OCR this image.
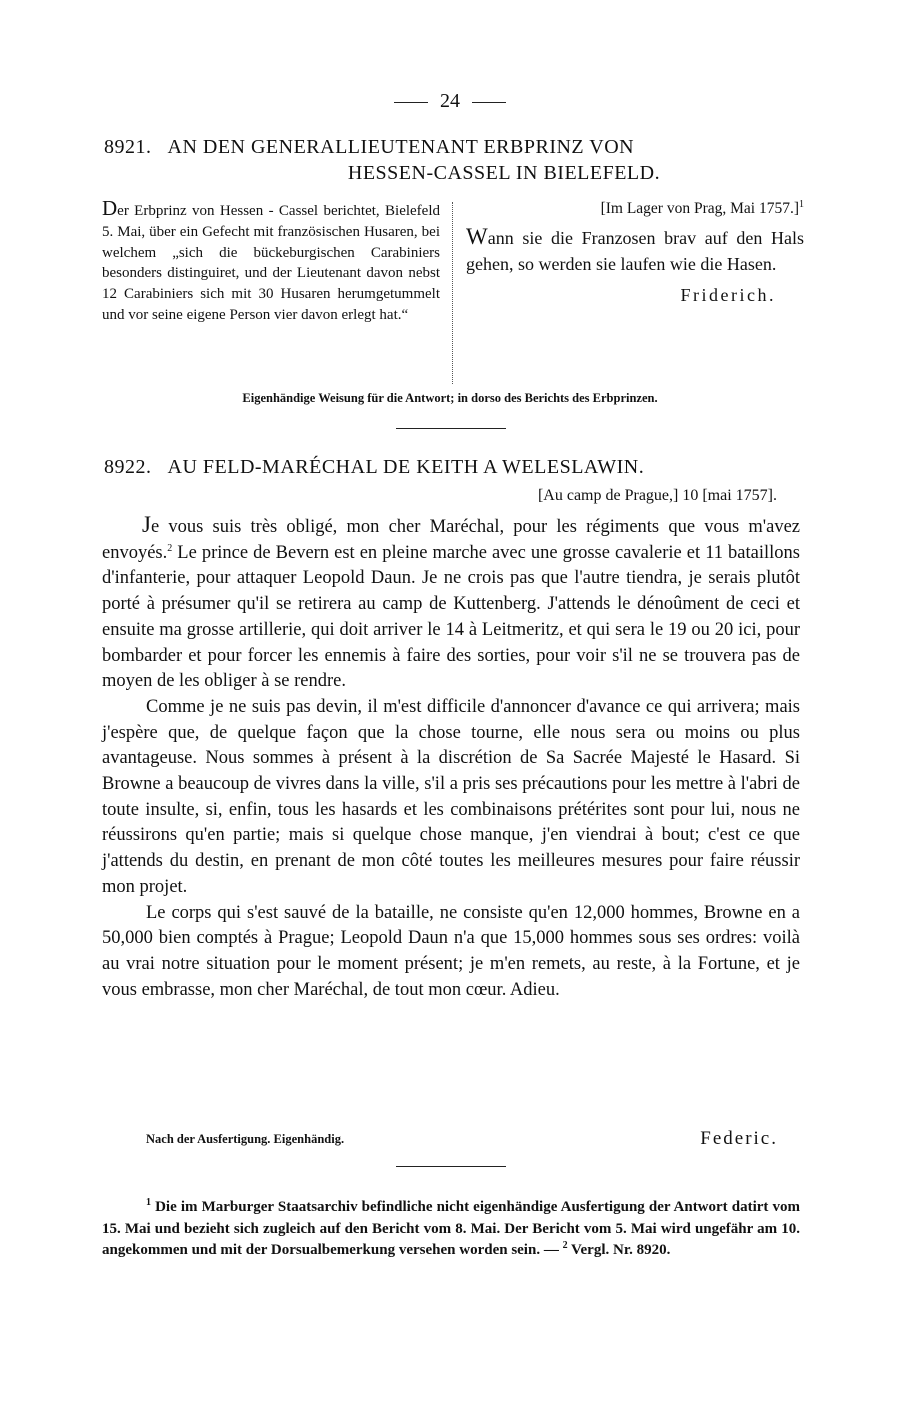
24
8921. AN DEN GENERALLIEUTENANT ERBPRINZ VON
HESSEN-CASSEL IN BIELEFELD.
Der Erbprinz von Hessen - Cassel berichtet, Bielefeld 5. Mai, über ein Gefecht mit französischen Husaren, bei welchem „sich die bückeburgischen Carabiniers besonders distinguiret, und der Lieutenant davon nebst 12 Carabiniers sich mit 30 Husaren herumgetummelt und vor seine eigene Person vier davon erlegt hat.“
[Im Lager von Prag, Mai 1757.]$^1$
Wann sie die Franzosen brav auf den Hals gehen, so werden sie laufen wie die Hasen.
Friderich.
Eigenhändige Weisung für die Antwort; in dorso des Berichts des Erbprinzen.
8922. AU FELD-MARÉCHAL DE KEITH A WELESLAWIN.
[Au camp de Prague,] 10 [mai 1757].

Je vous suis très obligé, mon cher Maréchal, pour les régiments que vous m'avez envoyés.$^2$ Le prince de Bevern est en pleine marche avec une grosse cavalerie et 11 bataillons d'infanterie, pour attaquer Leopold Daun. Je ne crois pas que l'autre tiendra, je serais plutôt porté à présumer qu'il se retirera au camp de Kuttenberg. J'attends le dénoûment de ceci et ensuite ma grosse artillerie, qui doit arriver le 14 à Leitmeritz, et qui sera le 19 ou 20 ici, pour bombarder et pour forcer les ennemis à faire des sorties, pour voir s'il ne se trouvera pas de moyen de les obliger à se rendre.

Comme je ne suis pas devin, il m'est difficile d'annoncer d'avance ce qui arrivera; mais j'espère que, de quelque façon que la chose tourne, elle nous sera ou moins ou plus avantageuse. Nous sommes à présent à la discrétion de Sa Sacrée Majesté le Hasard. Si Browne a beaucoup de vivres dans la ville, s'il a pris ses précautions pour les mettre à l'abri de toute insulte, si, enfin, tous les hasards et les combinaisons prétérites sont pour lui, nous ne réussirons qu'en partie; mais si quelque chose manque, j'en viendrai à bout; c'est ce que j'attends du destin, en prenant de mon côté toutes les meilleures mesures pour faire réussir mon projet.

Le corps qui s'est sauvé de la bataille, ne consiste qu'en 12,000 hommes, Browne en a 50,000 bien comptés à Prague; Leopold Daun n'a que 15,000 hommes sous ses ordres: voilà au vrai notre situation pour le moment présent; je m'en remets, au reste, à la Fortune, et je vous embrasse, mon cher Maréchal, de tout mon cœur. Adieu.

Nach der Ausfertigung. Eigenhändig.	Federic.
$^1$ Die im Marburger Staatsarchiv befindliche nicht eigenhändige Ausfertigung der Antwort datirt vom 15. Mai und bezieht sich zugleich auf den Bericht vom 8. Mai. Der Bericht vom 5. Mai wird ungefähr am 10. angekommen und mit der Dorsualbemerkung versehen worden sein. — $^2$ Vergl. Nr. 8920.
